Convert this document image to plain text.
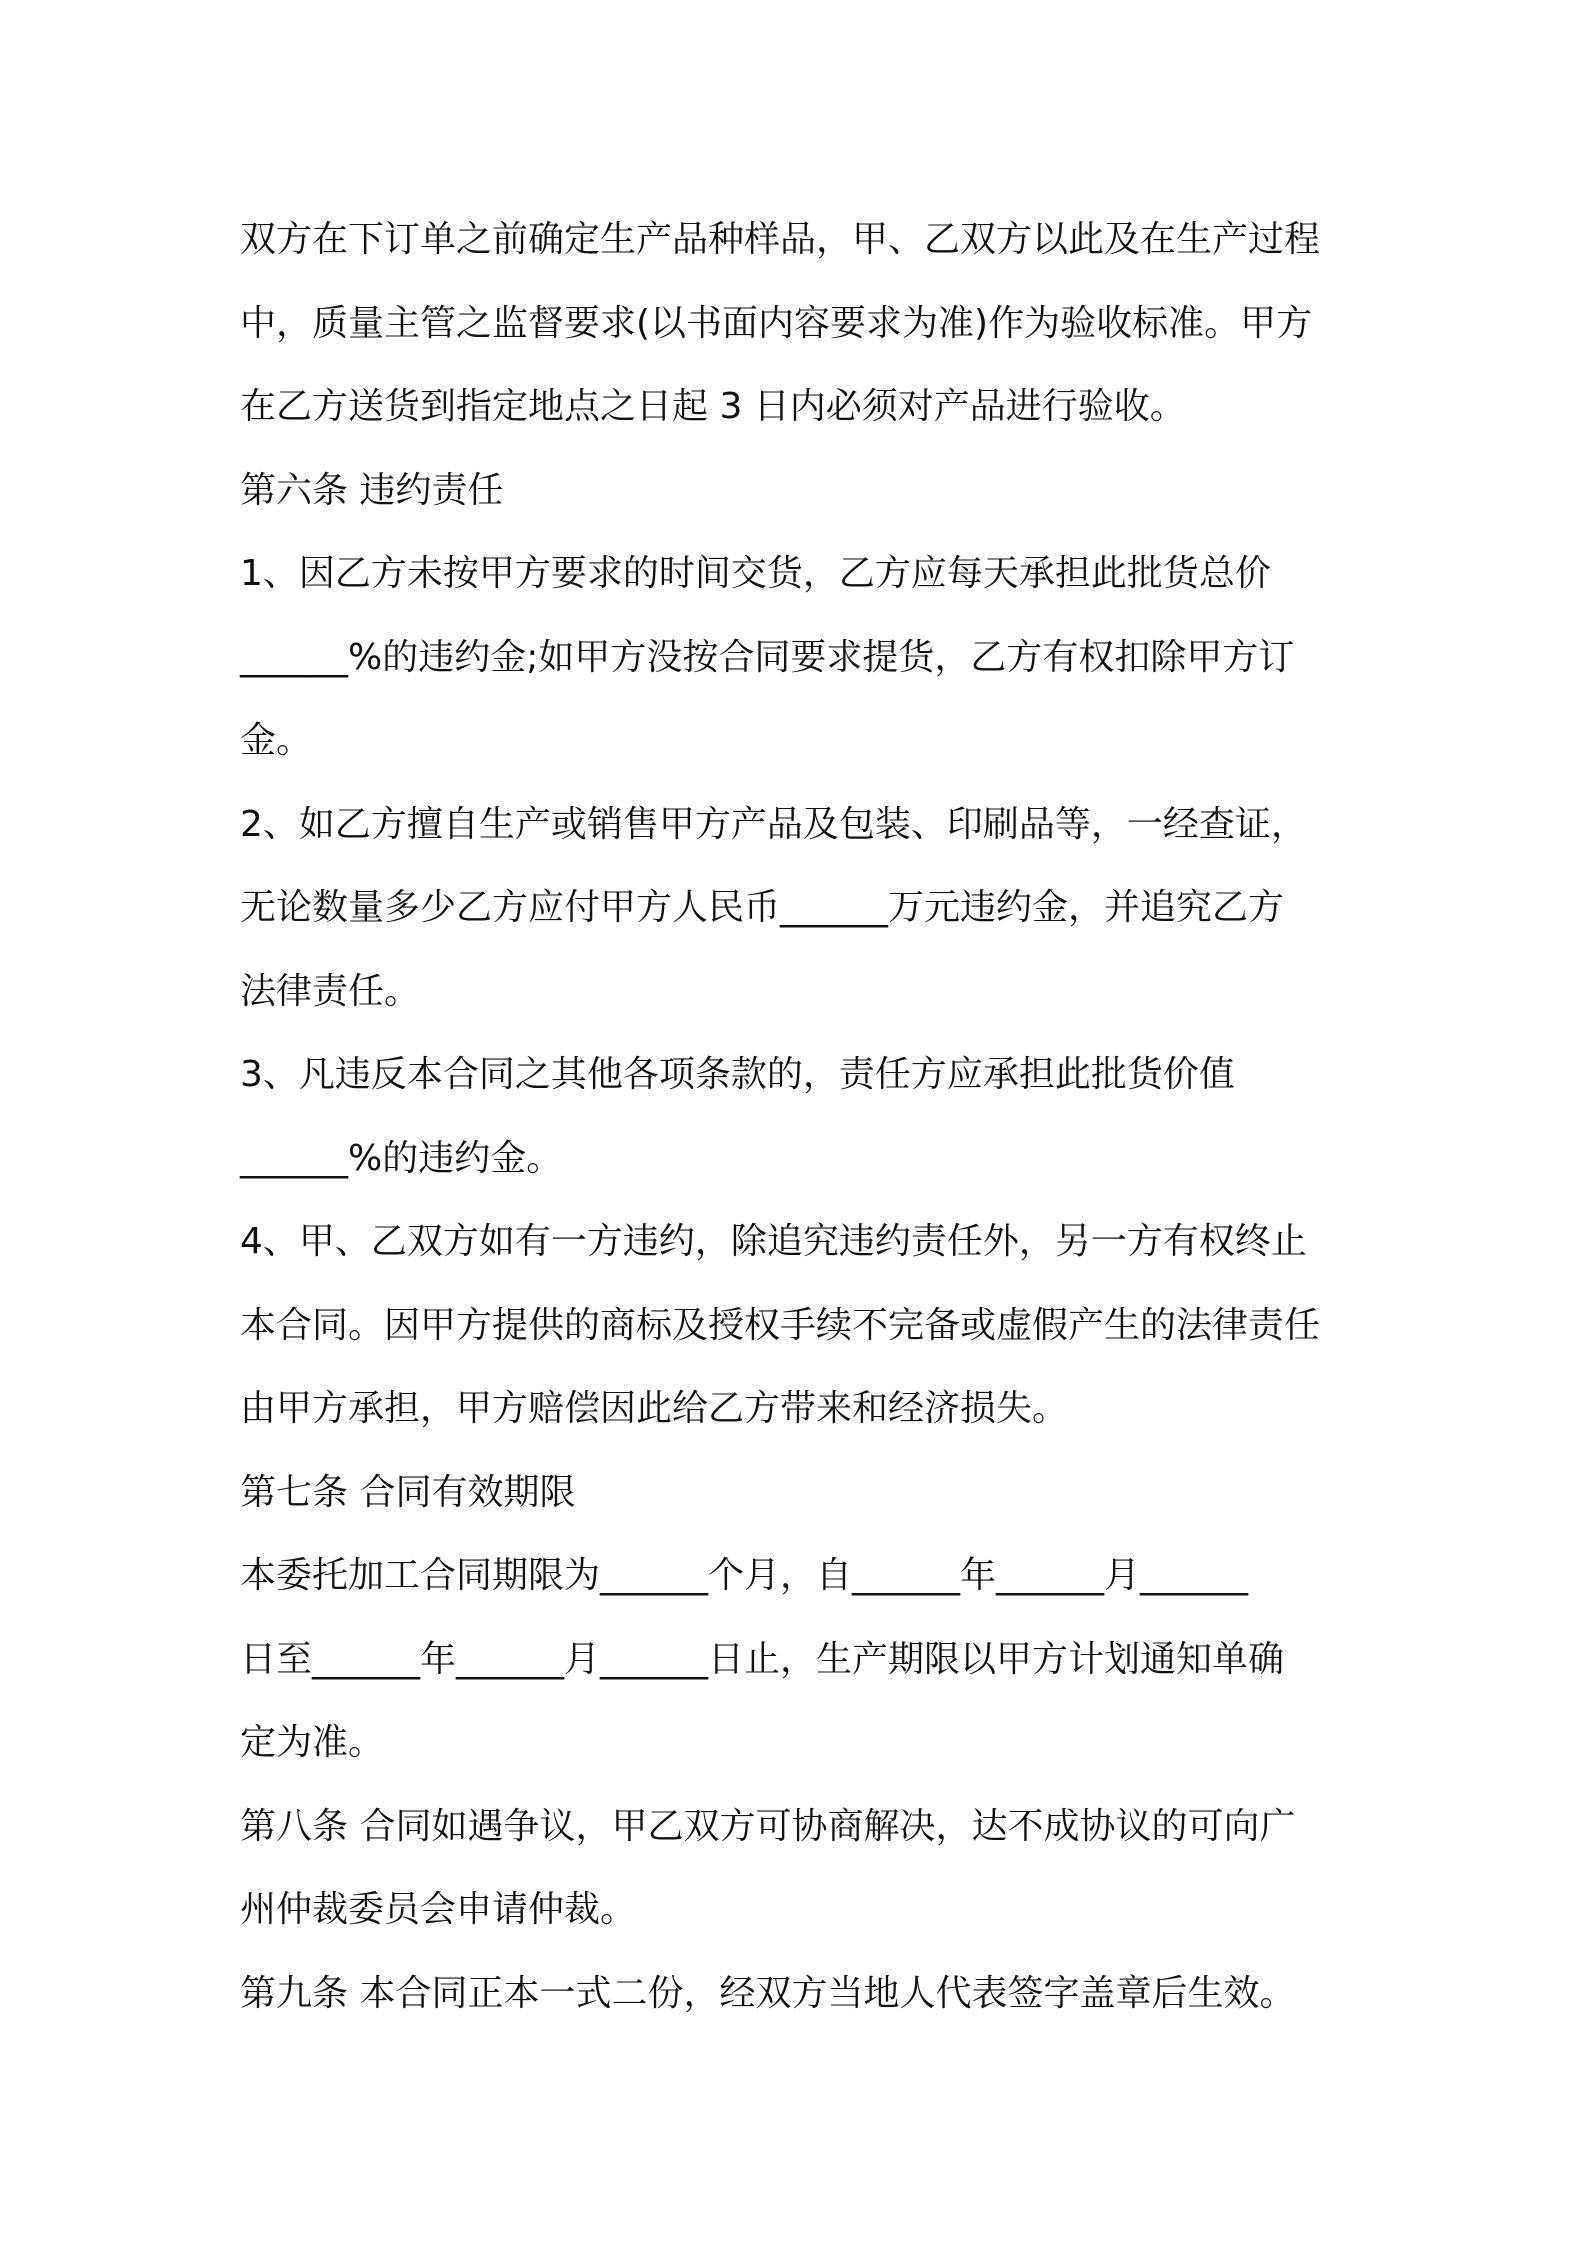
双方在下订单之前确定生产品种样品，甲、乙双方以此及在生产过程

中，质量主管之监督要求(以书面内容要求为准)作为验收标准。甲方

在乙方送货到指定地点之日起 3 日内必须对产品进行验收。

第六条 违约责任

1、因乙方未按甲方要求的时间交货，乙方应每天承担此批货总价

______%的违约金;如甲方没按合同要求提货，乙方有权扣除甲方订

金。

2、如乙方擅自生产或销售甲方产品及包装、印刷品等，一经查证，

无论数量多少乙方应付甲方人民币______万元违约金，并追究乙方

法律责任。

3、凡违反本合同之其他各项条款的，责任方应承担此批货价值

______%的违约金。

4、甲、乙双方如有一方违约，除追究违约责任外，另一方有权终止

本合同。因甲方提供的商标及授权手续不完备或虚假产生的法律责任

由甲方承担，甲方赔偿因此给乙方带来和经济损失。

第七条 合同有效期限

本委托加工合同期限为______个月，自______年______月______

日至______年______月______日止，生产期限以甲方计划通知单确

定为准。

第八条 合同如遇争议，甲乙双方可协商解决，达不成协议的可向广

州仲裁委员会申请仲裁。

第九条 本合同正本一式二份，经双方当地人代表签字盖章后生效。
